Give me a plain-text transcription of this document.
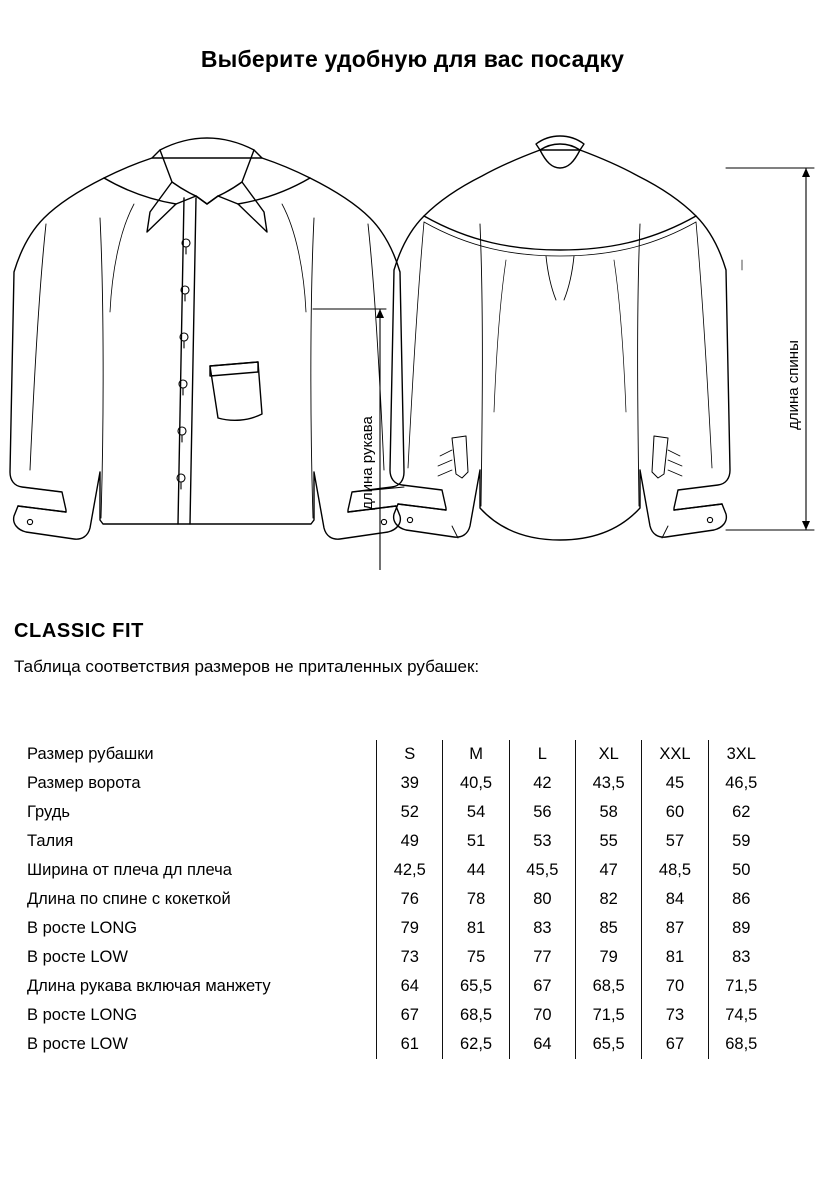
Выберите удобную для вас посадку
длина рукава
длина спины
CLASSIC FIT
Таблица соответствия размеров не приталенных рубашек:
Размер рубашки	S	M	L	XL	XXL	3XL
Размер ворота	39	40,5	42	43,5	45	46,5
Грудь	52	54	56	58	60	62
Талия	49	51	53	55	57	59
Ширина от плеча дл плеча	42,5	44	45,5	47	48,5	50
Длина по спине с кокеткой	76	78	80	82	84	86
В росте LONG	79	81	83	85	87	89
В росте LOW	73	75	77	79	81	83
Длина рукава включая манжету	64	65,5	67	68,5	70	71,5
В росте LONG	67	68,5	70	71,5	73	74,5
В росте LOW	61	62,5	64	65,5	67	68,5
